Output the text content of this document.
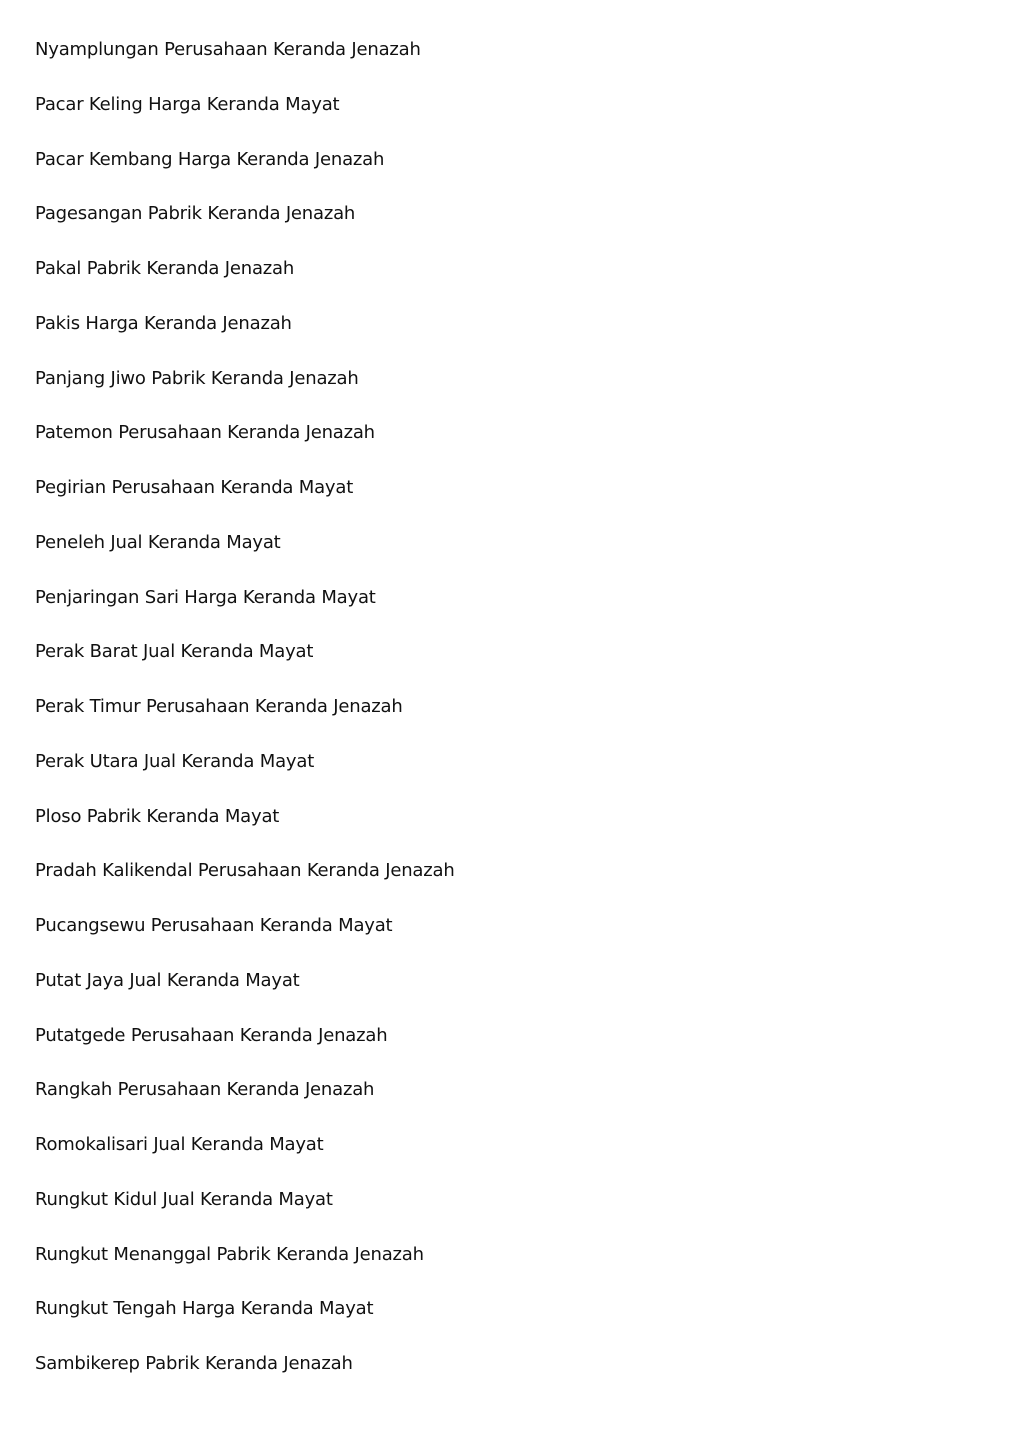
Nyamplungan Perusahaan Keranda Jenazah
Pacar Keling Harga Keranda Mayat
Pacar Kembang Harga Keranda Jenazah
Pagesangan Pabrik Keranda Jenazah
Pakal Pabrik Keranda Jenazah
Pakis Harga Keranda Jenazah
Panjang Jiwo Pabrik Keranda Jenazah
Patemon Perusahaan Keranda Jenazah
Pegirian Perusahaan Keranda Mayat
Peneleh Jual Keranda Mayat
Penjaringan Sari Harga Keranda Mayat
Perak Barat Jual Keranda Mayat
Perak Timur Perusahaan Keranda Jenazah
Perak Utara Jual Keranda Mayat
Ploso Pabrik Keranda Mayat
Pradah Kalikendal Perusahaan Keranda Jenazah
Pucangsewu Perusahaan Keranda Mayat
Putat Jaya Jual Keranda Mayat
Putatgede Perusahaan Keranda Jenazah
Rangkah Perusahaan Keranda Jenazah
Romokalisari Jual Keranda Mayat
Rungkut Kidul Jual Keranda Mayat
Rungkut Menanggal Pabrik Keranda Jenazah
Rungkut Tengah Harga Keranda Mayat
Sambikerep Pabrik Keranda Jenazah
